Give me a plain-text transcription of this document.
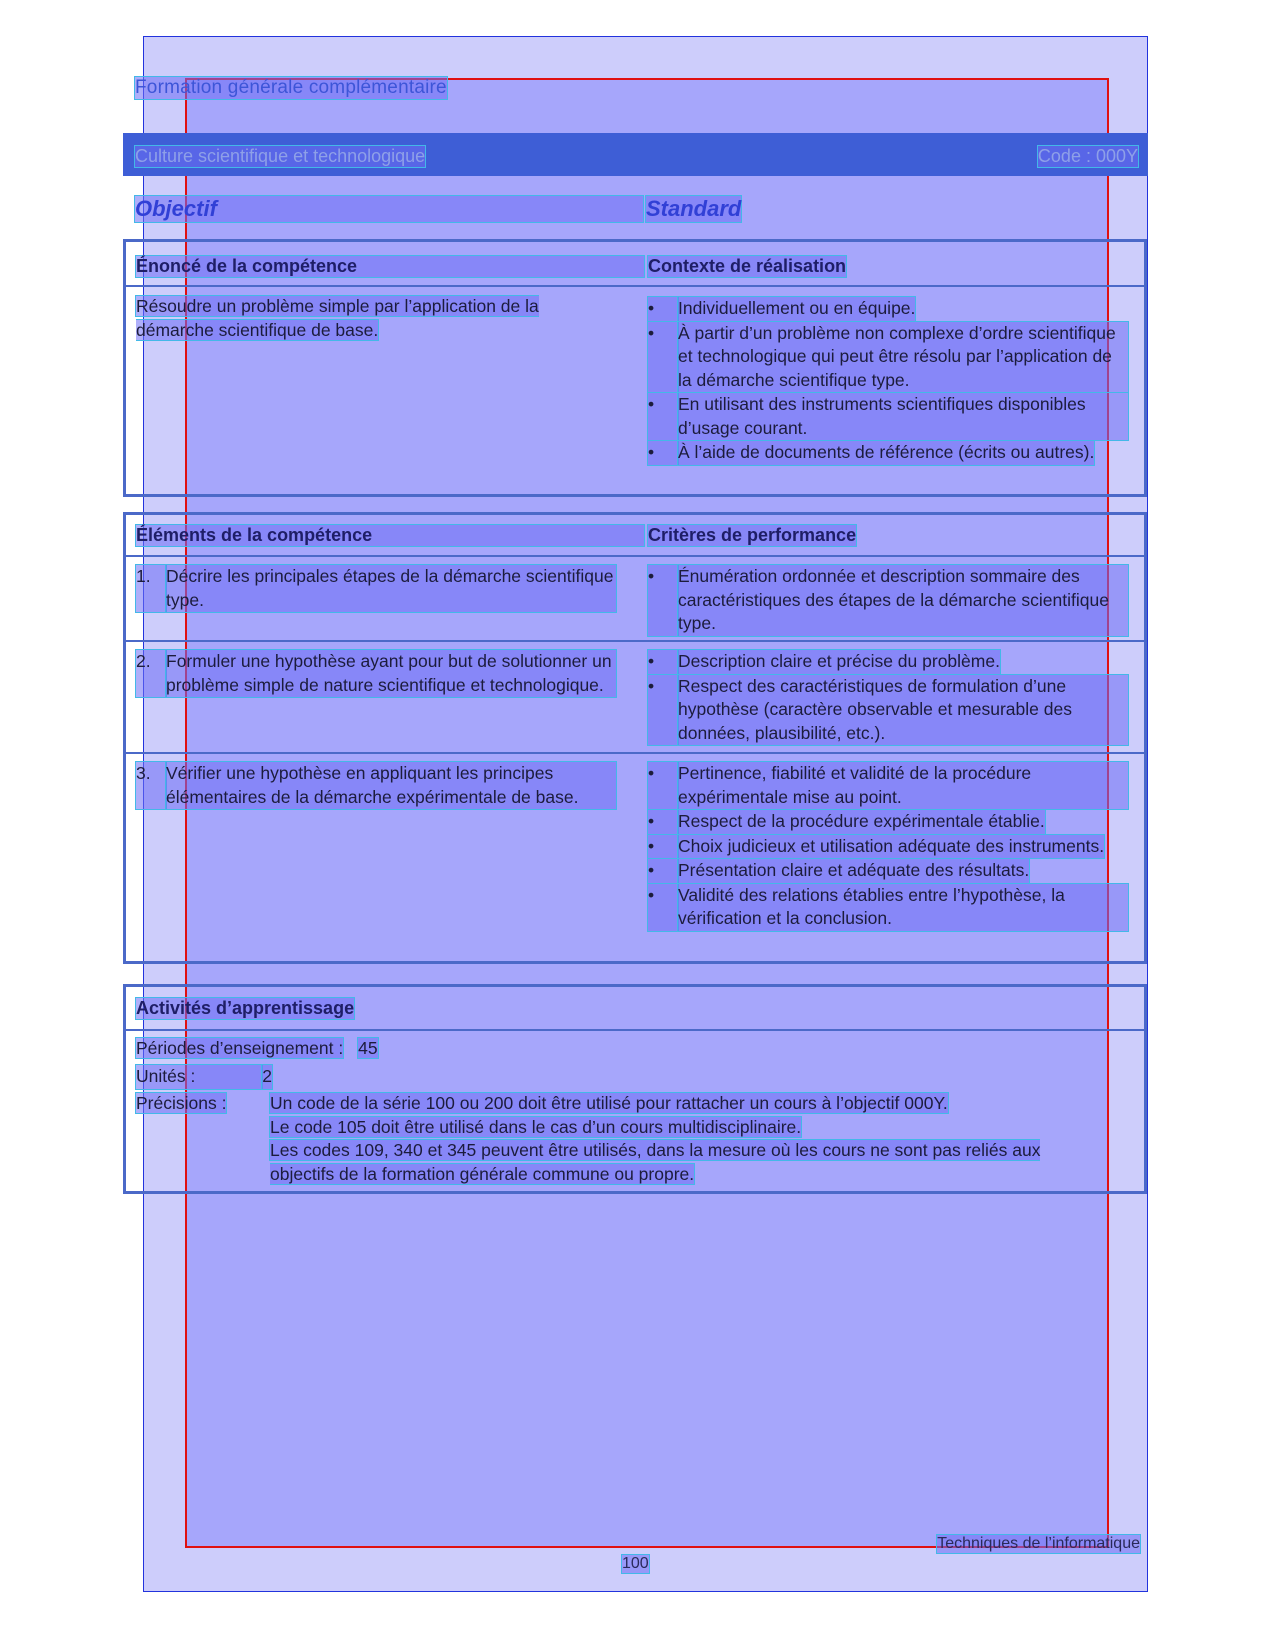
Formation générale complémentaire
Culture scientifique et technologique	Code : 000Y
Objectif	Standard
Énoncé de la compétence	Contexte de réalisation
Résoudre un problème simple par l’application de la démarche scientifique de base.
•	Individuellement ou en équipe.
•	À partir d’un problème non complexe d’ordre scientifique et technologique qui peut être résolu par l’application de la démarche scientifique type.
•	En utilisant des instruments scientifiques disponibles d’usage courant.
•	À l’aide de documents de référence (écrits ou autres).
Éléments de la compétence	Critères de performance
1. Décrire les principales étapes de la démarche scientifique type.
•	Énumération ordonnée et description sommaire des caractéristiques des étapes de la démarche scientifique type.
2. Formuler une hypothèse ayant pour but de solutionner un problème simple de nature scientifique et technologique.
•	Description claire et précise du problème.
•	Respect des caractéristiques de formulation d’une hypothèse (caractère observable et mesurable des données, plausibilité, etc.).
3. Vérifier une hypothèse en appliquant les principes élémentaires de la démarche expérimentale de base.
•	Pertinence, fiabilité et validité de la procédure expérimentale mise au point.
•	Respect de la procédure expérimentale établie.
•	Choix judicieux et utilisation adéquate des instruments.
•	Présentation claire et adéquate des résultats.
•	Validité des relations établies entre l’hypothèse, la vérification et la conclusion.
Activités d’apprentissage
Périodes d’enseignement : 45
Unités :	2
Précisions : Un code de la série 100 ou 200 doit être utilisé pour rattacher un cours à l’objectif 000Y.
Le code 105 doit être utilisé dans le cas d’un cours multidisciplinaire.
Les codes 109, 340 et 345 peuvent être utilisés, dans la mesure où les cours ne sont pas reliés aux objectifs de la formation générale commune ou propre.
Techniques de l’informatique
100
